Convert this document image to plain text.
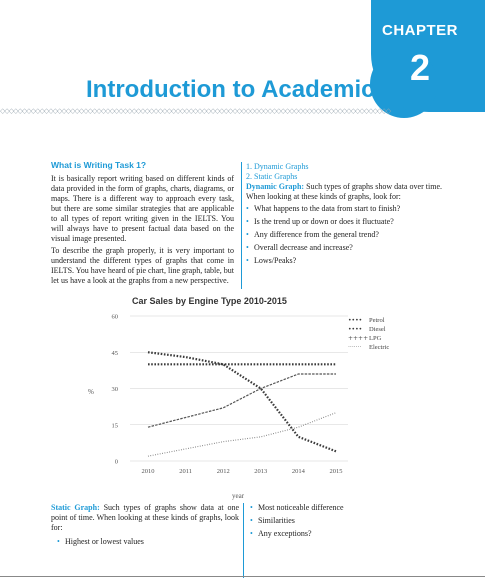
CHAPTER
2
Introduction to Academic
◇◇◇◇◇◇◇◇◇◇◇◇◇◇◇◇◇◇◇◇◇◇◇◇◇◇◇◇◇◇◇◇◇◇◇◇◇◇◇◇◇◇◇◇◇◇◇◇◇◇◇◇◇◇◇◇◇◇◇◇◇◇◇◇◇◇◇◇◇◇◇◇◇◇◇◇◇◇◇◇◇◇◇◇◇◇◇◇◇
What is Writing Task 1?

It is basically report writing based on different kinds of data provided in the form of graphs, charts, diagrams, or maps. There is a different way to approach every task, but there are some similar strategies that are applicable to all types of report writing given in the IELTS. You will always have to present factual data based on the visual image presented.

To describe the graph properly, it is very important to understand the different types of graphs that come in IELTS. You have heard of pie chart, line graph, table, but let us have a look at the graphs from a new perspective.

1. Dynamic Graphs
2. Static Graphs
Dynamic Graph: Such types of graphs show data over time. When looking at these kinds of graphs, look for:
• What happens to the data from start to finish?
• Is the trend up or down or does it fluctuate?
• Any difference from the general trend?
• Overall decrease and increase?
• Lows/Peaks?
Car Sales by Engine Type 2010-2015
0
15
30
45
60
2010	2011	2012	2013	2014	2015
•••• Petrol
•••• Diesel
++++ LPG
······· Electric
%
year
Static Graph: Such types of graphs show data at one point of time. When looking at these kinds of graphs, look for:
• Highest or lowest values
• Most noticeable difference
• Similarities
• Any exceptions?
